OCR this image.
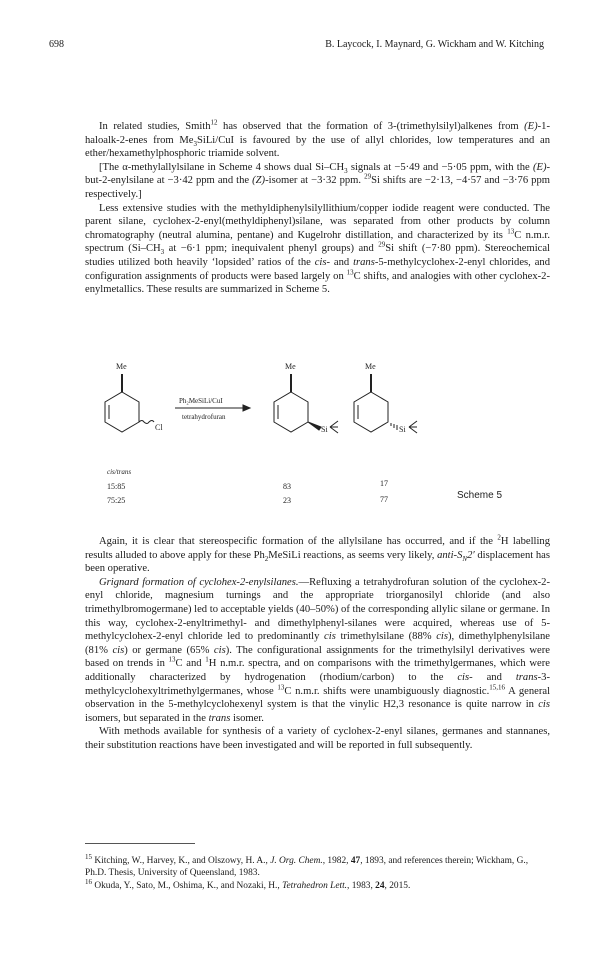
698	B. Laycock, I. Maynard, G. Wickham and W. Kitching

In related studies, Smith$^{12}$ has observed that the formation of 3-(trimethylsilyl)alkenes from (E)-1-haloalk-2-enes from $Me_3SiLi$/CuI is favoured by the use of allyl chlorides, low temperatures and an ether/hexamethylphosphoric triamide solvent.

[The α-methylallylsilane in Scheme 4 shows dual $Si-CH_3$ signals at −5·49 and −5·05 ppm, with the (E)-but-2-enylsilane at −3·42 ppm and the (Z)-isomer at −3·32 ppm. $^{29}$Si shifts are −2·13, −4·57 and −3·76 ppm respectively.]

Less extensive studies with the methyldiphenylsilyllithium/copper iodide reagent were conducted. The parent silane, cyclohex-2-enyl(methyldiphenyl)silane, was separated from other products by column chromatography (neutral alumina, pentane) and Kugelrohr distillation, and characterized by its $^{13}$C n.m.r. spectrum ($Si-CH_3$ at −6·1 ppm; inequivalent phenyl groups) and $^{29}$Si shift (−7·80 ppm). Stereochemical studies utilized both heavily ‘lopsided’ ratios of the cis- and trans-5-methylcyclohex-2-enyl chlorides, and configuration assignments of products were based largely on $^{13}$C shifts, and analogies with other cyclohex-2-enylmetallics. These results are summarized in Scheme 5.

Me
Cl
Ph₂MeSiLi/CuI
tetrahydrofuran
Me
Si
Me
Si
cis/trans
15:85
75:25
83
23
17
77	Scheme 5

Again, it is clear that stereospecific formation of the allylsilane has occurred, and if the $^2$H labelling results alluded to above apply for these $Ph_2MeSiLi$ reactions, as seems very likely, anti-$S_N2'$ displacement has been operative.

Grignard formation of cyclohex-2-enylsilanes.—Refluxing a tetrahydrofuran solution of the cyclohex-2-enyl chloride, magnesium turnings and the appropriate triorganosilyl chloride (and also trimethylbromogermane) led to acceptable yields (40–50%) of the corresponding allylic silane or germane. In this way, cyclohex-2-enyltrimethyl- and dimethylphenyl-silanes were acquired, whereas use of 5-methylcyclohex-2-enyl chloride led to predominantly cis trimethylsilane (88% cis), dimethylphenylsilane (81% cis) or germane (65% cis). The configurational assignments for the trimethylsilyl derivatives were based on trends in $^{13}$C and $^1$H n.m.r. spectra, and on comparisons with the trimethylgermanes, which were additionally characterized by hydrogenation (rhodium/carbon) to the cis- and trans-3-methylcyclohexyltrimethylgermanes, whose $^{13}$C n.m.r. shifts were unambiguously diagnostic.$^{15,16}$ A general observation in the 5-methylcyclohexenyl system is that the vinylic H2,3 resonance is quite narrow in cis isomers, but separated in the trans isomer.

With methods available for synthesis of a variety of cyclohex-2-enyl silanes, germanes and stannanes, their substitution reactions have been investigated and will be reported in full subsequently.

$^{15}$ Kitching, W., Harvey, K., and Olszowy, H. A., J. Org. Chem., 1982, 47, 1893, and references therein; Wickham, G., Ph.D. Thesis, University of Queensland, 1983.
$^{16}$ Okuda, Y., Sato, M., Oshima, K., and Nozaki, H., Tetrahedron Lett., 1983, 24, 2015.
